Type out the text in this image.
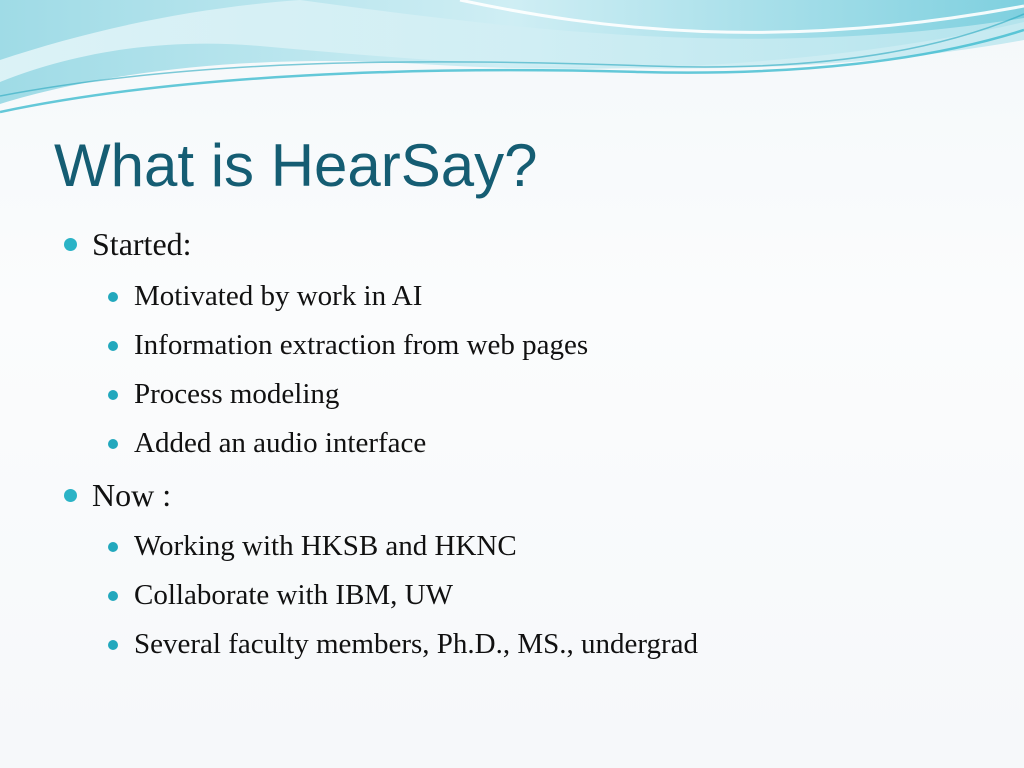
What is HearSay?
Started:
Motivated by work in AI
Information extraction from web pages
Process modeling
Added an audio interface
Now :
Working with HKSB and HKNC
Collaborate with IBM, UW
Several faculty members, Ph.D., MS., undergrad
